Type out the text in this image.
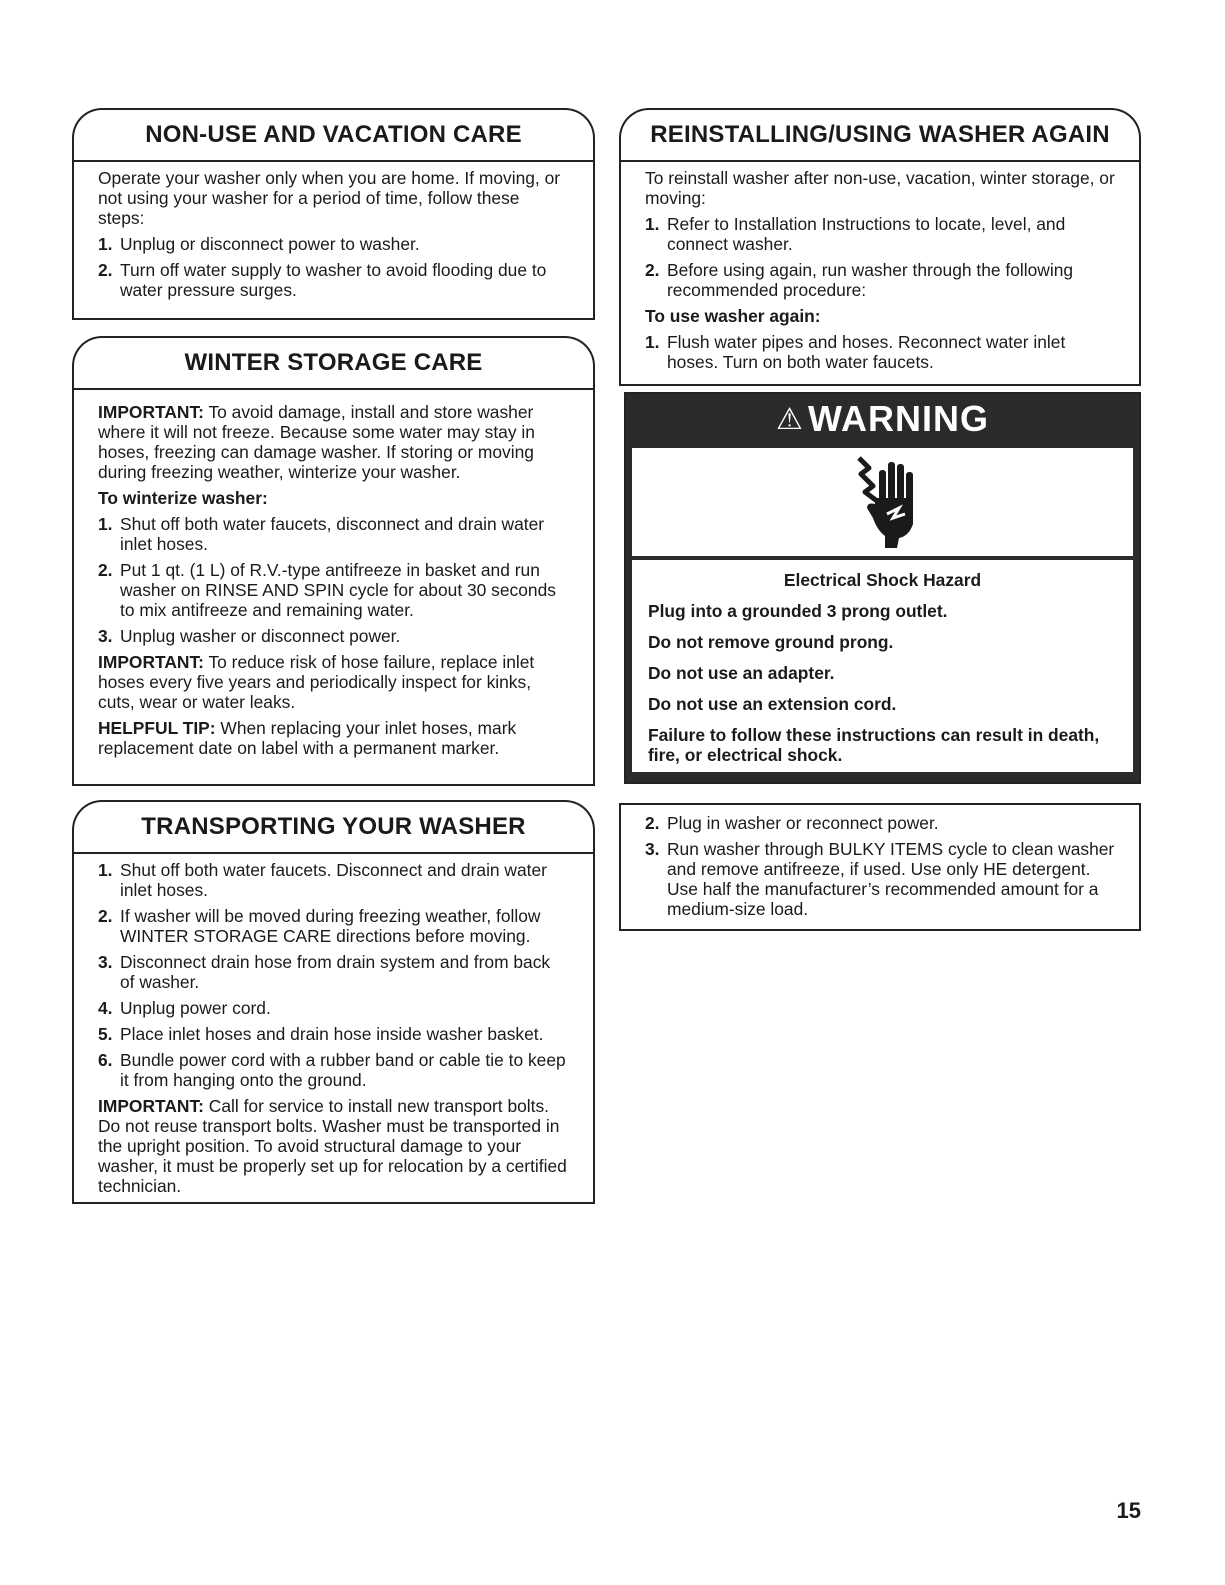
NON-USE AND VACATION CARE

Operate your washer only when you are home. If moving, or not using your washer for a period of time, follow these steps:

1. Unplug or disconnect power to washer.
2. Turn off water supply to washer to avoid flooding due to water pressure surges.
WINTER STORAGE CARE

IMPORTANT: To avoid damage, install and store washer where it will not freeze. Because some water may stay in hoses, freezing can damage washer. If storing or moving during freezing weather, winterize your washer.

To winterize washer:

1. Shut off both water faucets, disconnect and drain water inlet hoses.
2. Put 1 qt. (1 L) of R.V.-type antifreeze in basket and run washer on RINSE AND SPIN cycle for about 30 seconds to mix antifreeze and remaining water.
3. Unplug washer or disconnect power.

IMPORTANT: To reduce risk of hose failure, replace inlet hoses every five years and periodically inspect for kinks, cuts, wear or water leaks.

HELPFUL TIP: When replacing your inlet hoses, mark replacement date on label with a permanent marker.

TRANSPORTING YOUR WASHER
1. Shut off both water faucets. Disconnect and drain water inlet hoses.
2. If washer will be moved during freezing weather, follow WINTER STORAGE CARE directions before moving.
3. Disconnect drain hose from drain system and from back of washer.
4. Unplug power cord.
5. Place inlet hoses and drain hose inside washer basket.
6. Bundle power cord with a rubber band or cable tie to keep it from hanging onto the ground.

IMPORTANT: Call for service to install new transport bolts. Do not reuse transport bolts. Washer must be transported in the upright position. To avoid structural damage to your washer, it must be properly set up for relocation by a certified technician.

REINSTALLING/USING WASHER AGAIN

To reinstall washer after non-use, vacation, winter storage, or moving:

1. Refer to Installation Instructions to locate, level, and connect washer.
2. Before using again, run washer through the following recommended procedure:

To use washer again:

1. Flush water pipes and hoses. Reconnect water inlet hoses. Turn on both water faucets.
⚠ WARNING

Electrical Shock Hazard

Plug into a grounded 3 prong outlet.

Do not remove ground prong.

Do not use an adapter.

Do not use an extension cord.

Failure to follow these instructions can result in death, fire, or electrical shock.

2. Plug in washer or reconnect power.
3. Run washer through BULKY ITEMS cycle to clean washer and remove antifreeze, if used. Use only HE detergent. Use half the manufacturer’s recommended amount for a medium-size load.
15
